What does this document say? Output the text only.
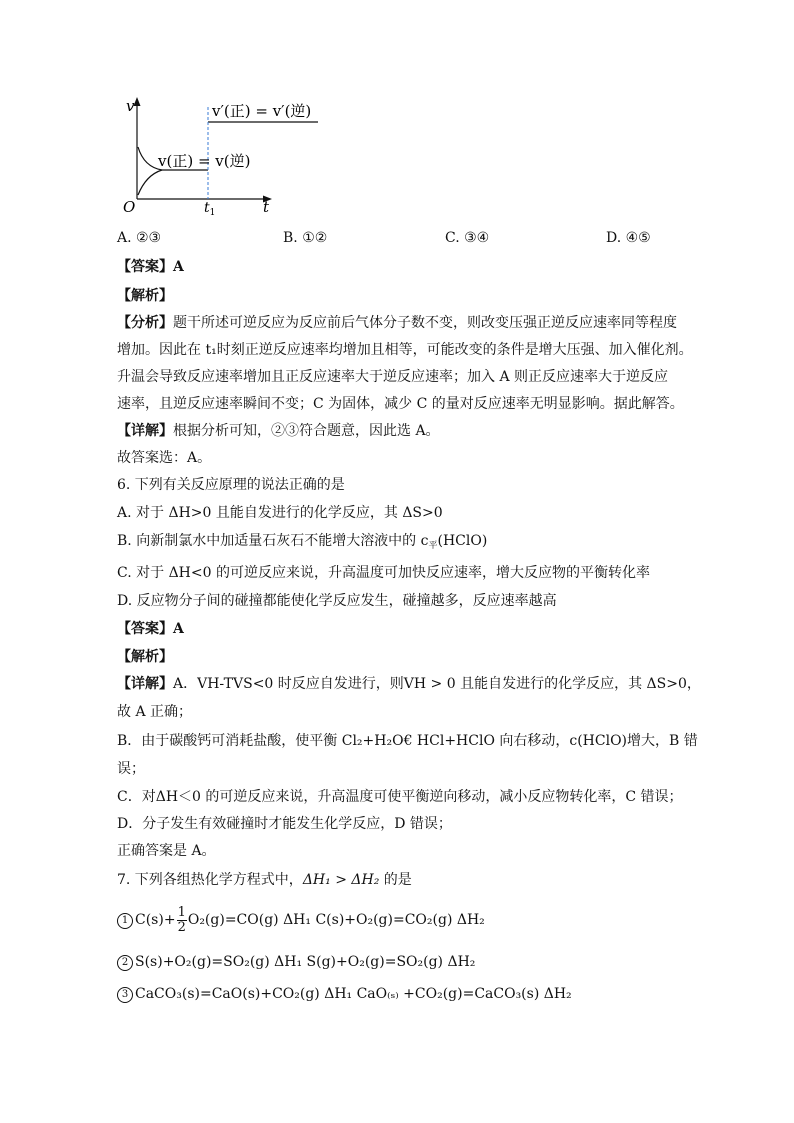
v
O	t
$t_1$
v′(正) = v′(逆)
v(正) = v(逆)
A. ②③	B. ①②	C. ③④	D. ④⑤
【答案】A
【解析】
【分析】题干所述可逆反应为反应前后气体分子数不变，则改变压强正逆反应速率同等程度
增加。因此在 t₁时刻正逆反应速率均增加且相等，可能改变的条件是增大压强、加入催化剂。
升温会导致反应速率增加且正反应速率大于逆反应速率；加入 A 则正反应速率大于逆反应
速率，且逆反应速率瞬间不变；C 为固体，减少 C 的量对反应速率无明显影响。据此解答。
【详解】根据分析可知，②③符合题意，因此选 A。
故答案选：A。
6. 下列有关反应原理的说法正确的是
A. 对于 ΔH>0 且能自发进行的化学反应，其 ΔS>0
B. 向新制氯水中加适量石灰石不能增大溶液中的 $c_平(HClO)$
C. 对于 ΔH<0 的可逆反应来说，升高温度可加快反应速率，增大反应物的平衡转化率
D. 反应物分子间的碰撞都能使化学反应发生，碰撞越多，反应速率越高
【答案】A
【解析】
【详解】A．VH-TVS<0 时反应自发进行，则VH > 0 且能自发进行的化学反应，其 ΔS>0，
故 A 正确；
B．由于碳酸钙可消耗盐酸，使平衡 Cl₂+H₂O€ HCl+HClO 向右移动，c(HClO)增大，B 错
误；
C．对ΔH＜0 的可逆反应来说，升高温度可使平衡逆向移动，减小反应物转化率，C 错误；
D．分子发生有效碰撞时才能发生化学反应，D 错误；
正确答案是 A。
7. 下列各组热化学方程式中，ΔH₁ > ΔH₂ 的是
1 $C(s)+ \frac{1}{2} O_2(g)=CO(g)$ ΔH₁ C(s)+O₂(g)=CO₂(g) ΔH₂
2 S(s)+O₂(g)=SO₂(g) ΔH₁ S(g)+O₂(g)=SO₂(g) ΔH₂
3 CaCO₃(s)=CaO(s)+CO₂(g) ΔH₁ CaO₍ₛ₎ +CO₂(g)=CaCO₃(s) ΔH₂
